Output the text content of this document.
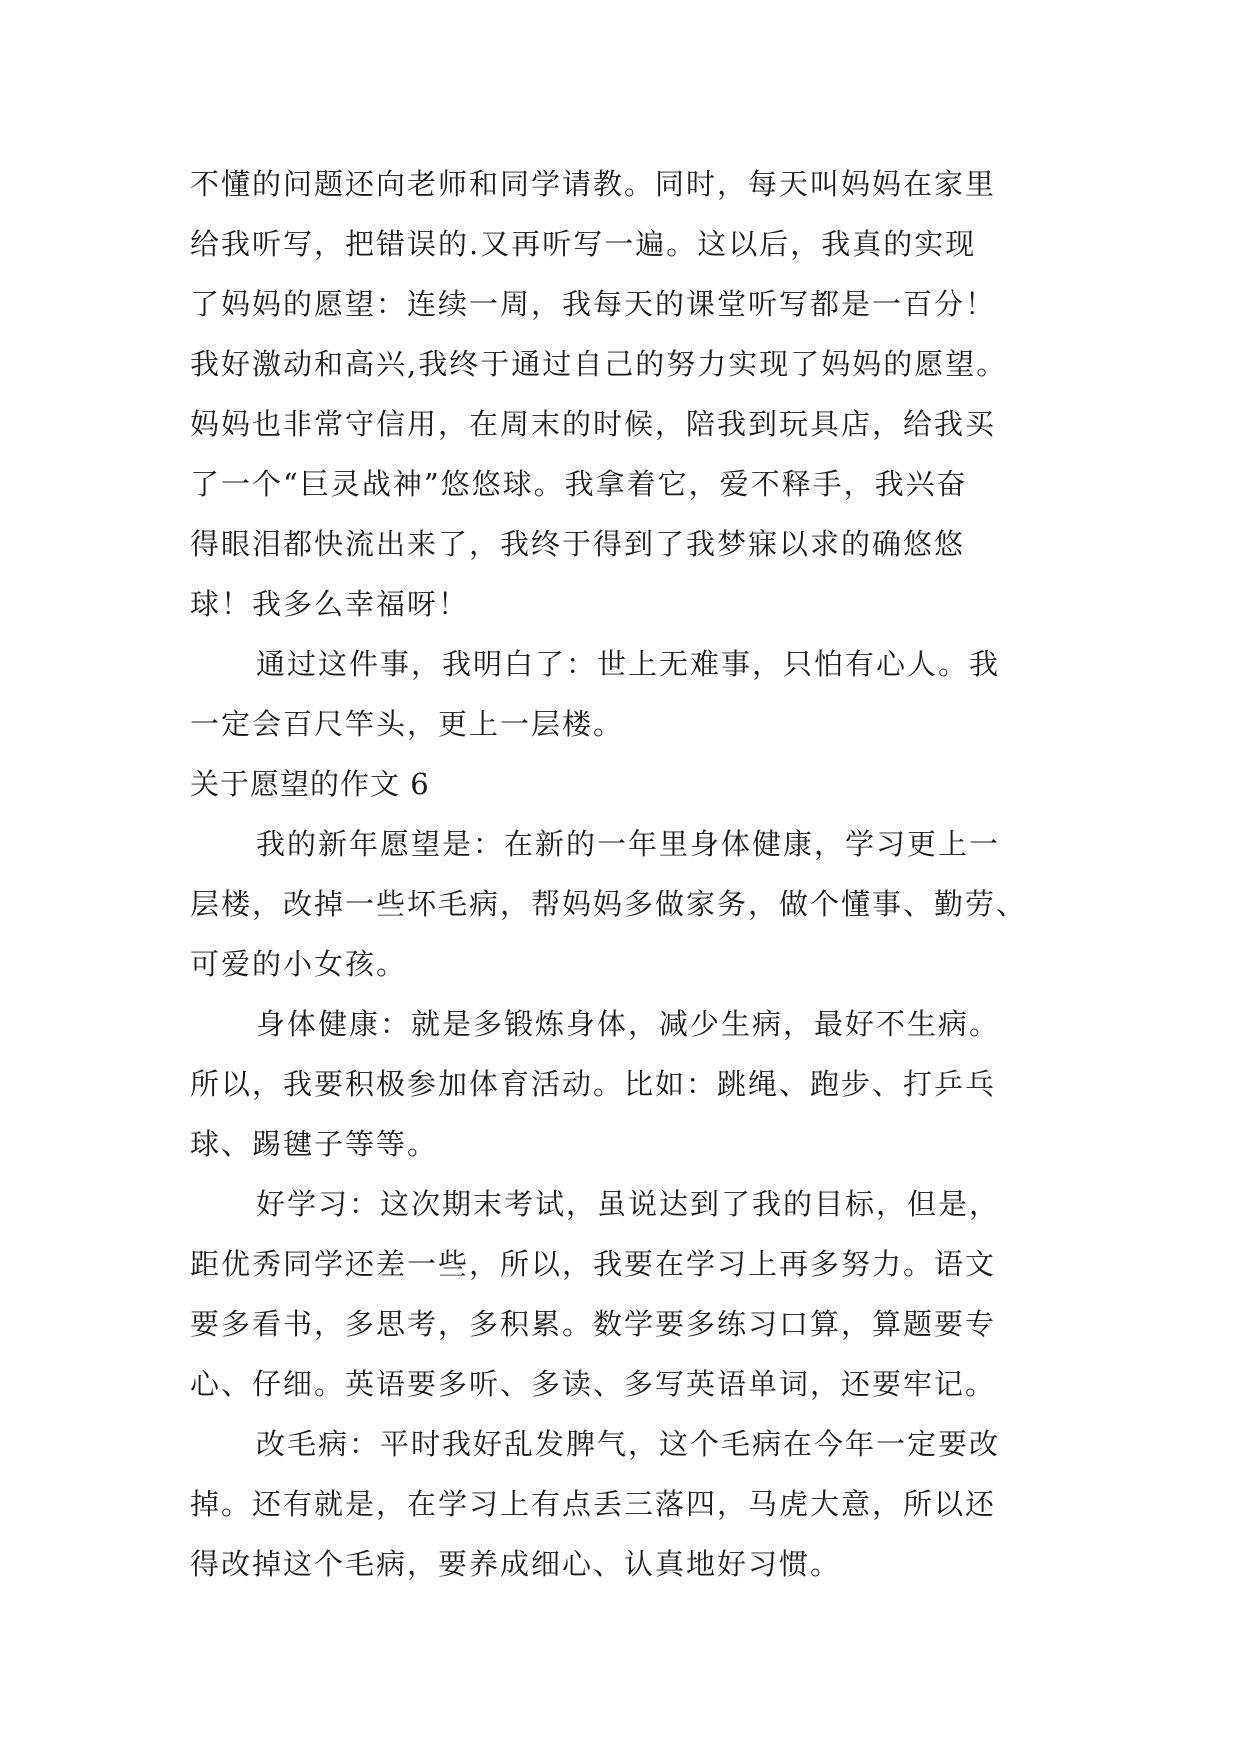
不懂的问题还向老师和同学请教。同时，每天叫妈妈在家里
给我听写，把错误的.又再听写一遍。这以后，我真的实现
了妈妈的愿望：连续一周，我每天的课堂听写都是一百分！
我好激动和高兴,我终于通过自己的努力实现了妈妈的愿望。
妈妈也非常守信用，在周末的时候，陪我到玩具店，给我买
了一个“巨灵战神”悠悠球。我拿着它，爱不释手，我兴奋
得眼泪都快流出来了，我终于得到了我梦寐以求的确悠悠
球！我多么幸福呀！
通过这件事，我明白了：世上无难事，只怕有心人。我
一定会百尺竿头，更上一层楼。
关于愿望的作文 6
我的新年愿望是：在新的一年里身体健康，学习更上一
层楼，改掉一些坏毛病，帮妈妈多做家务，做个懂事、勤劳、
可爱的小女孩。
身体健康：就是多锻炼身体，减少生病，最好不生病。
所以，我要积极参加体育活动。比如：跳绳、跑步、打乒乓
球、踢毽子等等。
好学习：这次期末考试，虽说达到了我的目标，但是，
距优秀同学还差一些，所以，我要在学习上再多努力。语文
要多看书，多思考，多积累。数学要多练习口算，算题要专
心、仔细。英语要多听、多读、多写英语单词，还要牢记。
改毛病：平时我好乱发脾气，这个毛病在今年一定要改
掉。还有就是，在学习上有点丢三落四，马虎大意，所以还
得改掉这个毛病，要养成细心、认真地好习惯。
